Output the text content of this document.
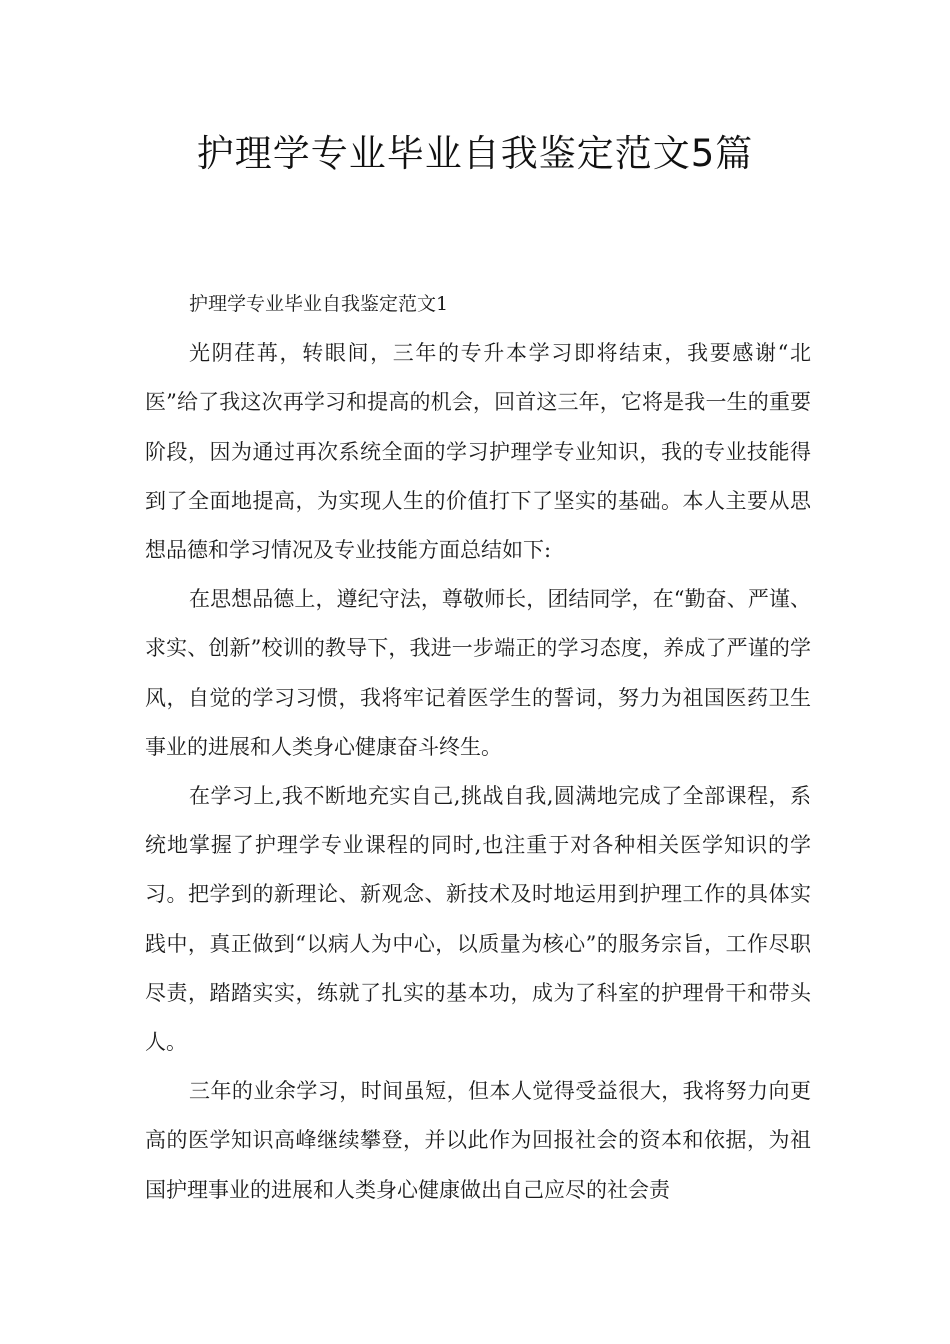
护理学专业毕业自我鉴定范文5篇

护理学专业毕业自我鉴定范文1

光阴荏苒，转眼间，三年的专升本学习即将结束，我要感谢“北医”给了我这次再学习和提高的机会，回首这三年，它将是我一生的重要阶段，因为通过再次系统全面的学习护理学专业知识，我的专业技能得到了全面地提高，为实现人生的价值打下了坚实的基础。本人主要从思想品德和学习情况及专业技能方面总结如下:

在思想品德上，遵纪守法，尊敬师长，团结同学，在“勤奋、严谨、求实、创新”校训的教导下，我进一步端正的学习态度，养成了严谨的学风，自觉的学习习惯，我将牢记着医学生的誓词，努力为祖国医药卫生事业的进展和人类身心健康奋斗终生。

在学习上,我不断地充实自己,挑战自我,圆满地完成了全部课程，系统地掌握了护理学专业课程的同时,也注重于对各种相关医学知识的学习。把学到的新理论、新观念、新技术及时地运用到护理工作的具体实践中，真正做到“以病人为中心，以质量为核心”的服务宗旨，工作尽职尽责，踏踏实实，练就了扎实的基本功，成为了科室的护理骨干和带头人。

三年的业余学习，时间虽短，但本人觉得受益很大，我将努力向更高的医学知识高峰继续攀登，并以此作为回报社会的资本和依据，为祖国护理事业的进展和人类身心健康做出自己应尽的社会责
